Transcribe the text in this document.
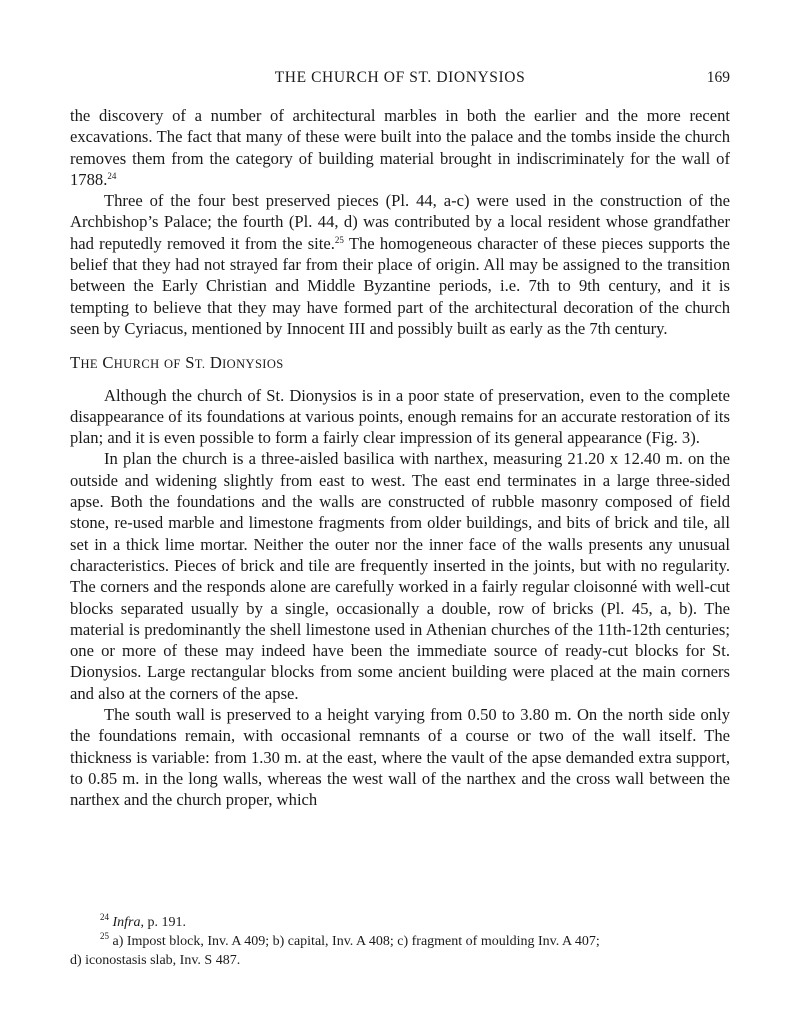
THE CHURCH OF ST. DIONYSIOS	169

the discovery of a number of architectural marbles in both the earlier and the more recent excavations. The fact that many of these were built into the palace and the tombs inside the church removes them from the category of building material brought in indiscriminately for the wall of 1788.24

Three of the four best preserved pieces (Pl. 44, a-c) were used in the construction of the Archbishop’s Palace; the fourth (Pl. 44, d) was contributed by a local resident whose grandfather had reputedly removed it from the site.$^{25}$ The homogeneous character of these pieces supports the belief that they had not strayed far from their place of origin. All may be assigned to the transition between the Early Christian and Middle Byzantine periods, i.e. 7th to 9th century, and it is tempting to believe that they may have formed part of the architectural decoration of the church seen by Cyriacus, mentioned by Innocent III and possibly built as early as the 7th century.

THE CHURCH OF ST. DIONYSIOS

Although the church of St. Dionysios is in a poor state of preservation, even to the complete disappearance of its foundations at various points, enough remains for an accurate restoration of its plan; and it is even possible to form a fairly clear impression of its general appearance (Fig. 3).

In plan the church is a three-aisled basilica with narthex, measuring 21.20 x 12.40 m. on the outside and widening slightly from east to west. The east end terminates in a large three-sided apse. Both the foundations and the walls are constructed of rubble masonry composed of field stone, re-used marble and limestone fragments from older buildings, and bits of brick and tile, all set in a thick lime mortar. Neither the outer nor the inner face of the walls presents any unusual characteristics. Pieces of brick and tile are frequently inserted in the joints, but with no regularity. The corners and the responds alone are carefully worked in a fairly regular cloisonné with well-cut blocks separated usually by a single, occasionally a double, row of bricks (Pl. 45, a, b). The material is predominantly the shell limestone used in Athenian churches of the 11th-12th centuries; one or more of these may indeed have been the immediate source of ready-cut blocks for St. Dionysios. Large rectangular blocks from some ancient building were placed at the main corners and also at the corners of the apse.

The south wall is preserved to a height varying from 0.50 to 3.80 m. On the north side only the foundations remain, with occasional remnants of a course or two of the wall itself. The thickness is variable: from 1.30 m. at the east, where the vault of the apse demanded extra support, to 0.85 m. in the long walls, whereas the west wall of the narthex and the cross wall between the narthex and the church proper, which

$^{24}$ Infra, p. 191.

$^{25}$ a) Impost block, Inv. A 409; b) capital, Inv. A 408; c) fragment of moulding Inv. A 407;

d) iconostasis slab, Inv. S 487.
